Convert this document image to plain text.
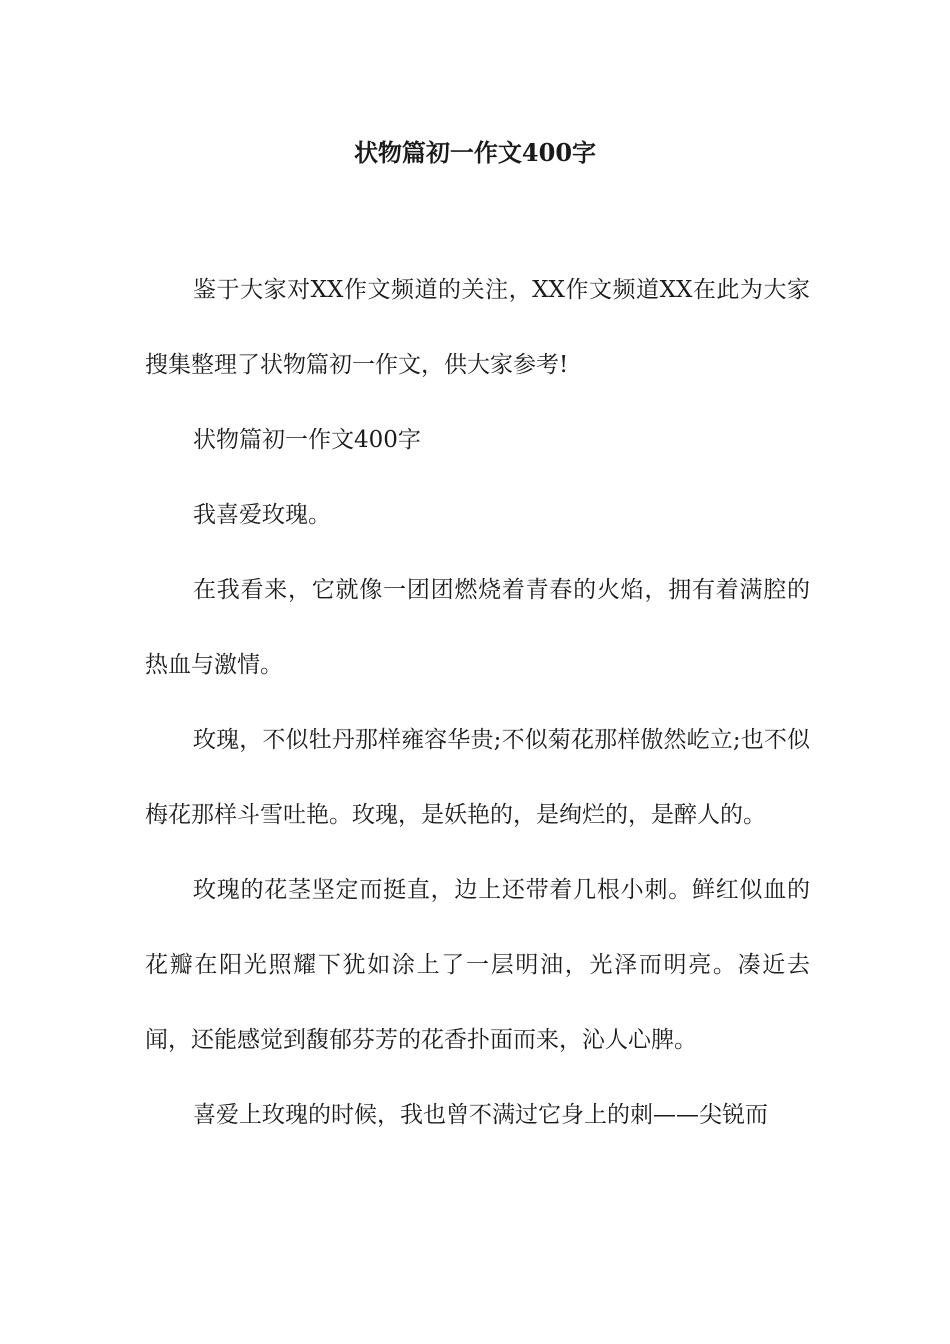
状物篇初一作文400字

鉴于大家对XX作文频道的关注，XX作文频道XX在此为大家搜集整理了状物篇初一作文，供大家参考!

状物篇初一作文400字

我喜爱玫瑰。

在我看来，它就像一团团燃烧着青春的火焰，拥有着满腔的热血与激情。

玫瑰，不似牡丹那样雍容华贵;不似菊花那样傲然屹立;也不似梅花那样斗雪吐艳。玫瑰，是妖艳的，是绚烂的，是醉人的。

玫瑰的花茎坚定而挺直，边上还带着几根小刺。鲜红似血的花瓣在阳光照耀下犹如涂上了一层明油，光泽而明亮。凑近去闻，还能感觉到馥郁芬芳的花香扑面而来，沁人心脾。

喜爱上玫瑰的时候，我也曾不满过它身上的刺——尖锐而
